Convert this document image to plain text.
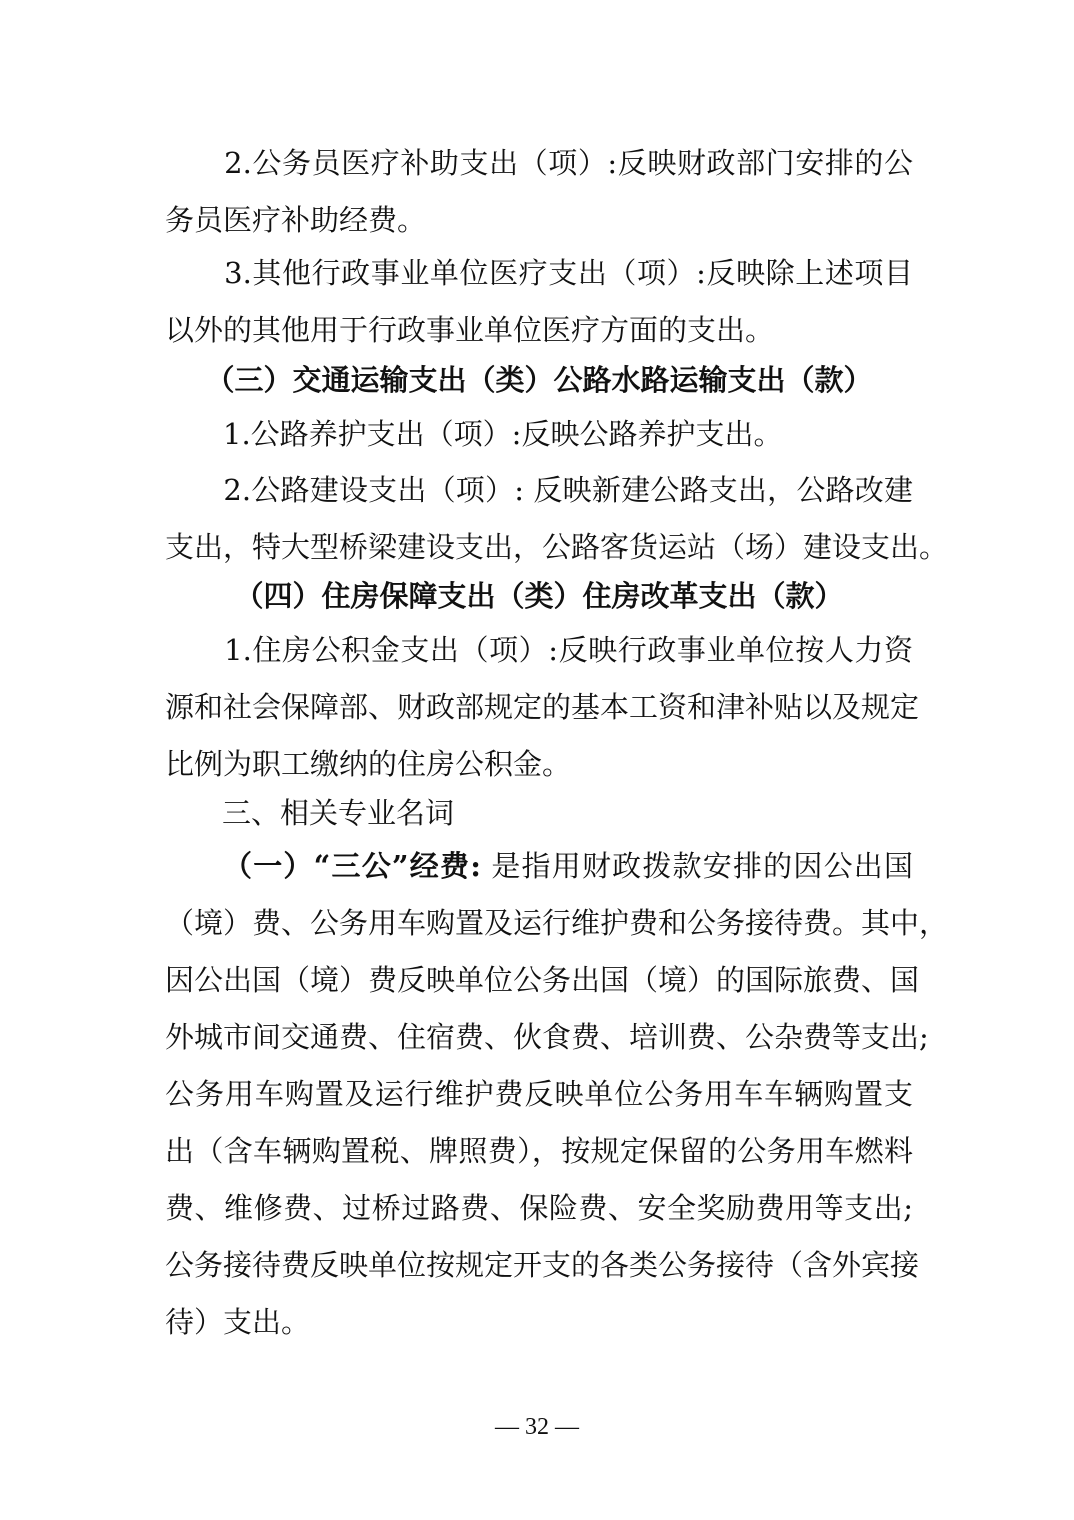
　　2.公务员医疗补助支出（项）:反映财政部门安排的公
务员医疗补助经费。
　　3.其他行政事业单位医疗支出（项）:反映除上述项目
以外的其他用于行政事业单位医疗方面的支出。
（三）交通运输支出（类）公路水路运输支出（款）
　　1.公路养护支出（项）:反映公路养护支出。
　　2.公路建设支出（项）: 反映新建公路支出，公路改建
支出，特大型桥梁建设支出，公路客货运站（场）建设支出。
（四）住房保障支出（类）住房改革支出（款）
　　1.住房公积金支出（项）:反映行政事业单位按人力资
源和社会保障部、财政部规定的基本工资和津补贴以及规定
比例为职工缴纳的住房公积金。
三、相关专业名词
（一）“三公”经费: 是指用财政拨款安排的因公出国
（境）费、公务用车购置及运行维护费和公务接待费。其中，
因公出国（境）费反映单位公务出国（境）的国际旅费、国
外城市间交通费、住宿费、伙食费、培训费、公杂费等支出;
公务用车购置及运行维护费反映单位公务用车车辆购置支
出（含车辆购置税、牌照费），按规定保留的公务用车燃料
费、维修费、过桥过路费、保险费、安全奖励费用等支出;
公务接待费反映单位按规定开支的各类公务接待（含外宾接
待）支出。
— 32 —
